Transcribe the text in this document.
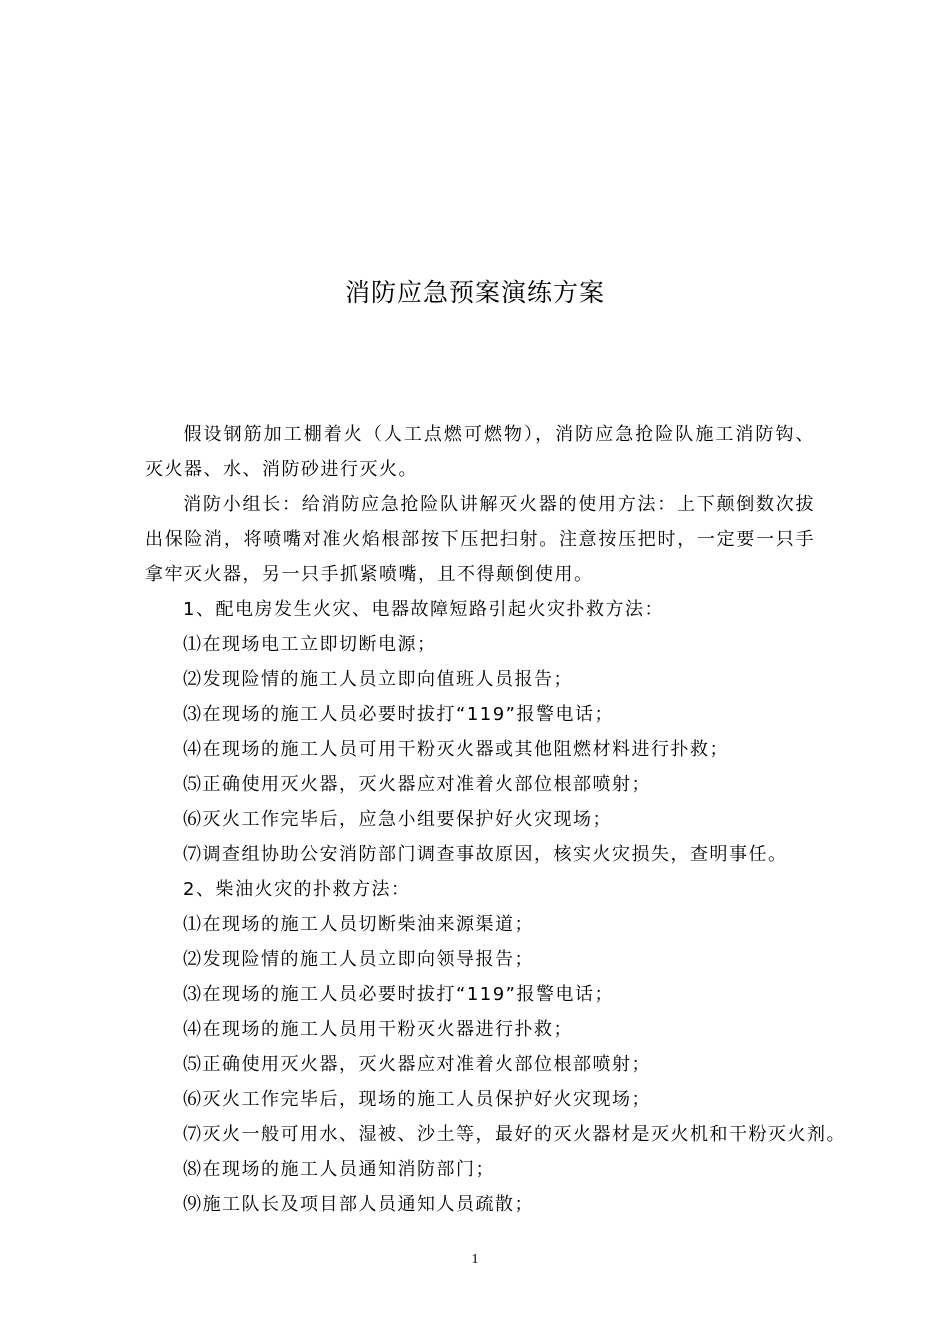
消防应急预案演练方案
假设钢筋加工棚着火（人工点燃可燃物），消防应急抢险队施工消防钩、灭火器、水、消防砂进行灭火。
消防小组长：给消防应急抢险队讲解灭火器的使用方法：上下颠倒数次拔出保险消，将喷嘴对准火焰根部按下压把扫射。注意按压把时，一定要一只手拿牢灭火器，另一只手抓紧喷嘴，且不得颠倒使用。
1、配电房发生火灾、电器故障短路引起火灾扑救方法：
⑴在现场电工立即切断电源；
⑵发现险情的施工人员立即向值班人员报告；
⑶在现场的施工人员必要时拔打“119”报警电话；
⑷在现场的施工人员可用干粉灭火器或其他阻燃材料进行扑救；
⑸正确使用灭火器，灭火器应对准着火部位根部喷射；
⑹灭火工作完毕后，应急小组要保护好火灾现场；
⑺调查组协助公安消防部门调查事故原因，核实火灾损失，查明事任。
2、柴油火灾的扑救方法：
⑴在现场的施工人员切断柴油来源渠道；
⑵发现险情的施工人员立即向领导报告；
⑶在现场的施工人员必要时拔打“119”报警电话；
⑷在现场的施工人员用干粉灭火器进行扑救；
⑸正确使用灭火器，灭火器应对准着火部位根部喷射；
⑹灭火工作完毕后，现场的施工人员保护好火灾现场；
⑺灭火一般可用水、湿被、沙土等，最好的灭火器材是灭火机和干粉灭火剂。
⑻在现场的施工人员通知消防部门；
⑼施工队长及项目部人员通知人员疏散；
1
